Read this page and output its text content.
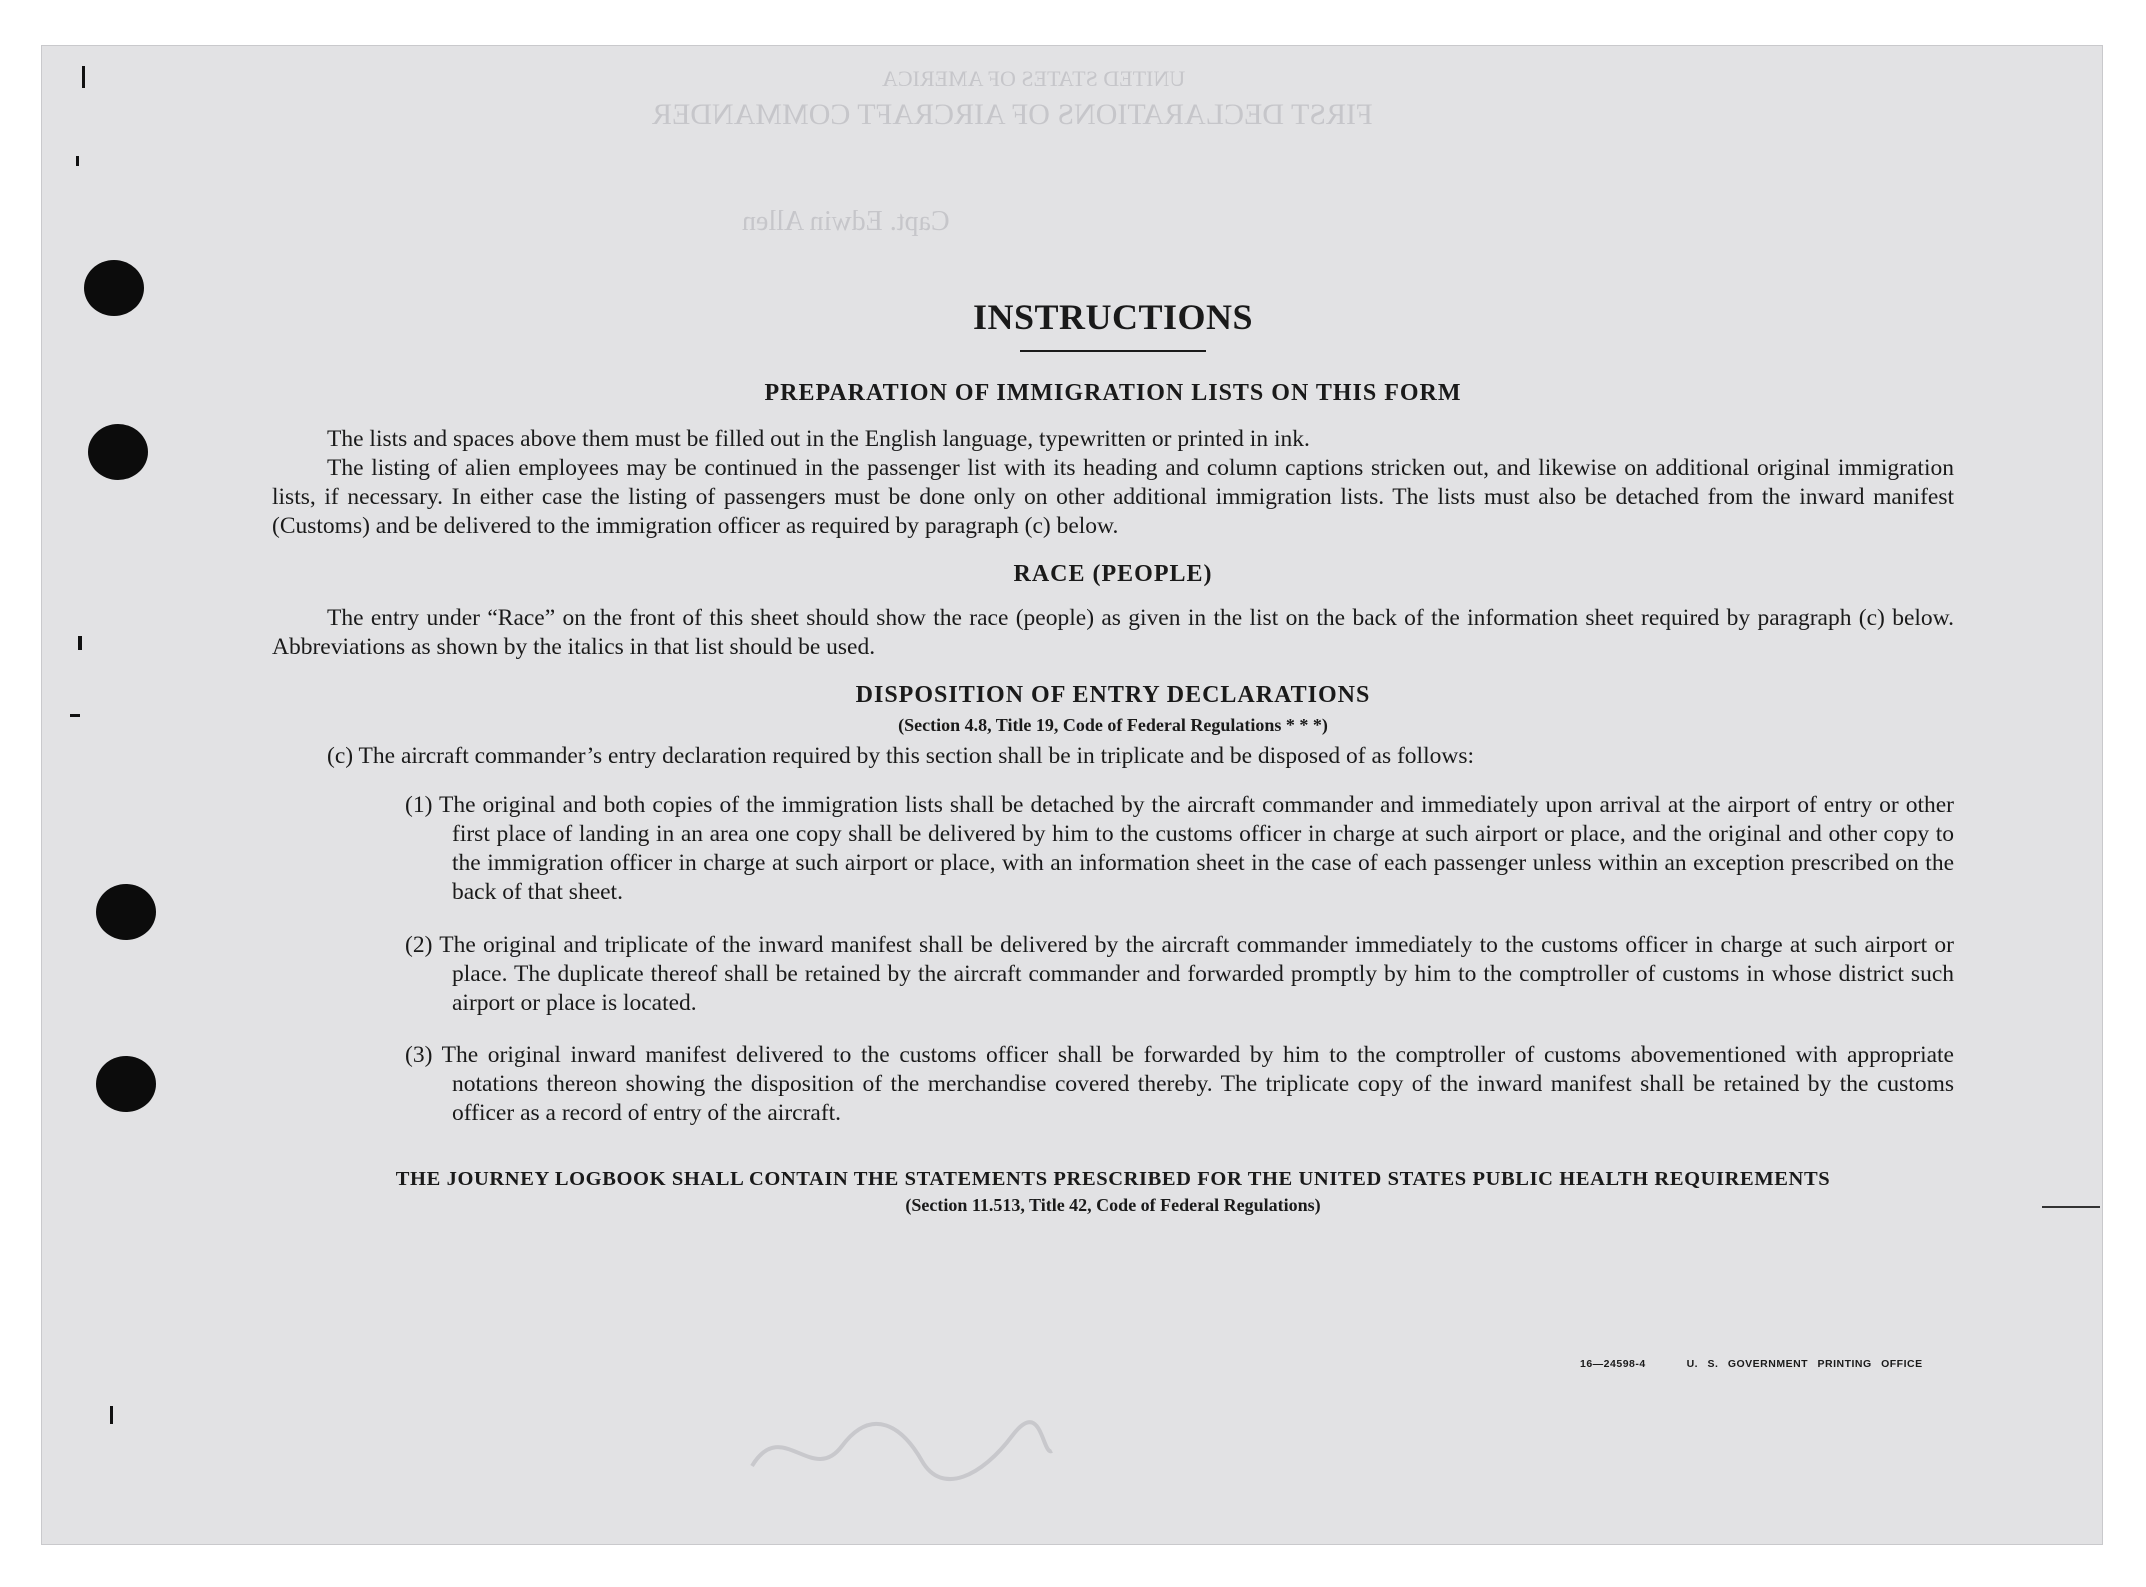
UNITED STATES OF AMERICA
FIRST DECLARATIONS OF AIRCRAFT COMMANDER
Capt. Edwin Allen
INSTRUCTIONS
PREPARATION OF IMMIGRATION LISTS ON THIS FORM

The lists and spaces above them must be filled out in the English language, typewritten or printed in ink.

The listing of alien employees may be continued in the passenger list with its heading and column captions stricken out, and likewise on additional original immigration lists, if necessary. In either case the listing of passengers must be done only on other additional immigration lists. The lists must also be detached from the inward manifest (Customs) and be delivered to the immigration officer as required by paragraph (c) below.

RACE (PEOPLE)

The entry under “Race” on the front of this sheet should show the race (people) as given in the list on the back of the information sheet required by paragraph (c) below. Abbreviations as shown by the italics in that list should be used.

DISPOSITION OF ENTRY DECLARATIONS
(Section 4.8, Title 19, Code of Federal Regulations * * *)

(c) The aircraft commander’s entry declaration required by this section shall be in triplicate and be disposed of as follows:

(1) The original and both copies of the immigration lists shall be detached by the aircraft commander and immediately upon arrival at the airport of entry or other first place of landing in an area one copy shall be delivered by him to the customs officer in charge at such airport or place, and the original and other copy to the immigration officer in charge at such airport or place, with an information sheet in the case of each passenger unless within an exception prescribed on the back of that sheet.

(2) The original and triplicate of the inward manifest shall be delivered by the aircraft commander immediately to the customs officer in charge at such airport or place. The duplicate thereof shall be retained by the aircraft commander and forwarded promptly by him to the comptroller of customs in whose district such airport or place is located.

(3) The original inward manifest delivered to the customs officer shall be forwarded by him to the comptroller of customs abovementioned with appropriate notations thereon showing the disposition of the merchandise covered thereby. The triplicate copy of the inward manifest shall be retained by the customs officer as a record of entry of the aircraft.

THE JOURNEY LOGBOOK SHALL CONTAIN THE STATEMENTS PRESCRIBED FOR THE UNITED STATES PUBLIC HEALTH REQUIREMENTS
(Section 11.513, Title 42, Code of Federal Regulations)
16—24598-4	U. S. GOVERNMENT PRINTING OFFICE
